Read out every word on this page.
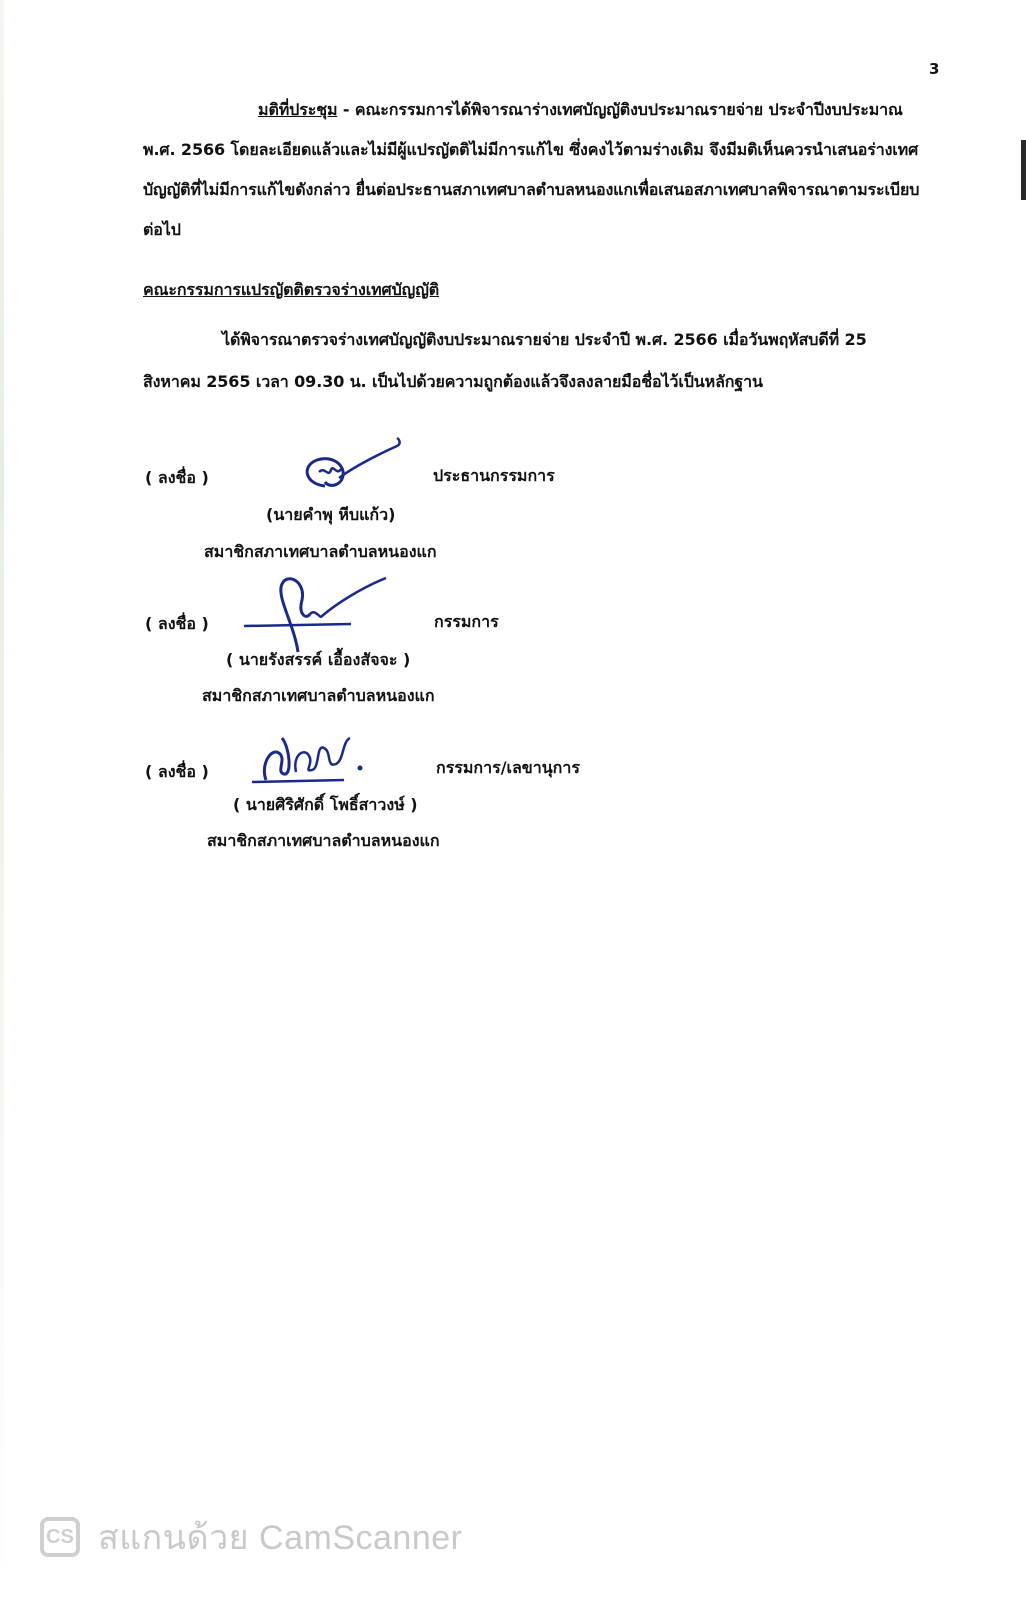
3
มติที่ประชุม - คณะกรรมการได้พิจารณาร่างเทศบัญญัติงบประมาณรายจ่าย ประจำปีงบประมาณ
พ.ศ. 2566 โดยละเอียดแล้วและไม่มีผู้แปรญัตติไม่มีการแก้ไข ซึ่งคงไว้ตามร่างเดิม จึงมีมติเห็นควรนำเสนอร่างเทศ
บัญญัติที่ไม่มีการแก้ไขดังกล่าว ยื่นต่อประธานสภาเทศบาลตำบลหนองแกเพื่อเสนอสภาเทศบาลพิจารณาตามระเบียบ
ต่อไป
คณะกรรมการแปรญัตติตรวจร่างเทศบัญญัติ
ได้พิจารณาตรวจร่างเทศบัญญัติงบประมาณรายจ่าย ประจำปี พ.ศ. 2566 เมื่อวันพฤหัสบดีที่ 25
สิงหาคม 2565 เวลา 09.30 น. เป็นไปด้วยความถูกต้องแล้วจึงลงลายมือชื่อไว้เป็นหลักฐาน
( ลงชื่อ )	ประธานกรรมการ
(นายคำพุ หีบแก้ว)
สมาชิกสภาเทศบาลตำบลหนองแก
( ลงชื่อ )	กรรมการ
( นายรังสรรค์ เอื้องสัจจะ )
สมาชิกสภาเทศบาลตำบลหนองแก
( ลงชื่อ )	กรรมการ/เลขานุการ
( นายศิริศักดิ์ โพธิ์สาวงษ์ )
สมาชิกสภาเทศบาลตำบลหนองแก
CS สแกนด้วย CamScanner
